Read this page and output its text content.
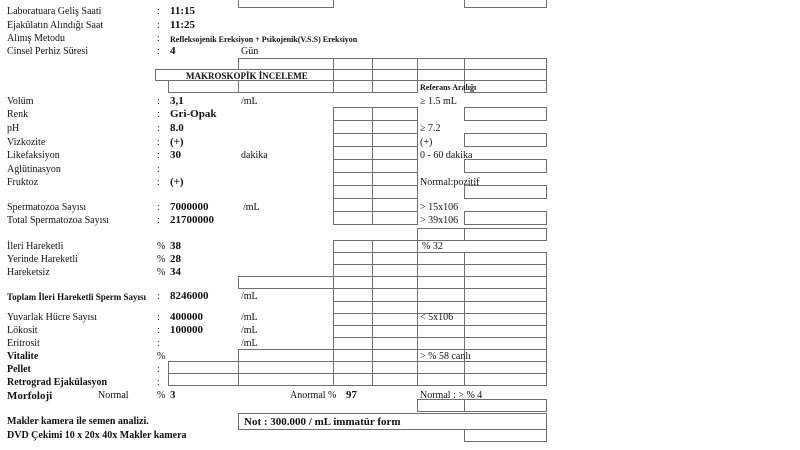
Laboratuara Geliş Saati	: 11:15
Ejakülatın Alındığı Saat	: 11:25
Alınış Metodu	: Refleksojenik Ereksiyon + Psikojenik(V.S.S) Ereksiyon
Cinsel Perhiz Süresi	: 4	Gün
MAKROSKOPİK İNCELEME
Referans Aralığı
Volüm	: 3,1	/mL	≥ 1.5 mL
Renk	: Gri-Opak
pH	: 8.0	≥ 7.2
Vizkozite	: (+)	(+)
Likefaksiyon	: 30	dakika	0 - 60 dakika
Aglütinasyon	:
Fruktoz	: (+)	Normal:pozitif
Spermatozoa Sayısı	: 7000000	/mL	> 15x106
Total Spermatozoa Sayısı	: 21700000	> 39x106
İleri Hareketli	% 38	% 32
Yerinde Hareketli	% 28
Hareketsiz	% 34
Toplam İleri Hareketli Sperm Sayısı : 8246000	/mL
Yuvarlak Hücre Sayısı	: 400000	/mL	< 5x106
Lökosit	: 100000	/mL
Eritrosit	:	/mL
Vitalite	%	> % 58 canlı
Pellet	:
Retrograd Ejakülasyon	:
Morfoloji	Normal	% 3	Anormal % 97	Normal : > % 4
Makler kamera ile semen analizi.	Not : 300.000 / mL immatür form
DVD Çekimi 10 x 20x 40x Makler kamera
